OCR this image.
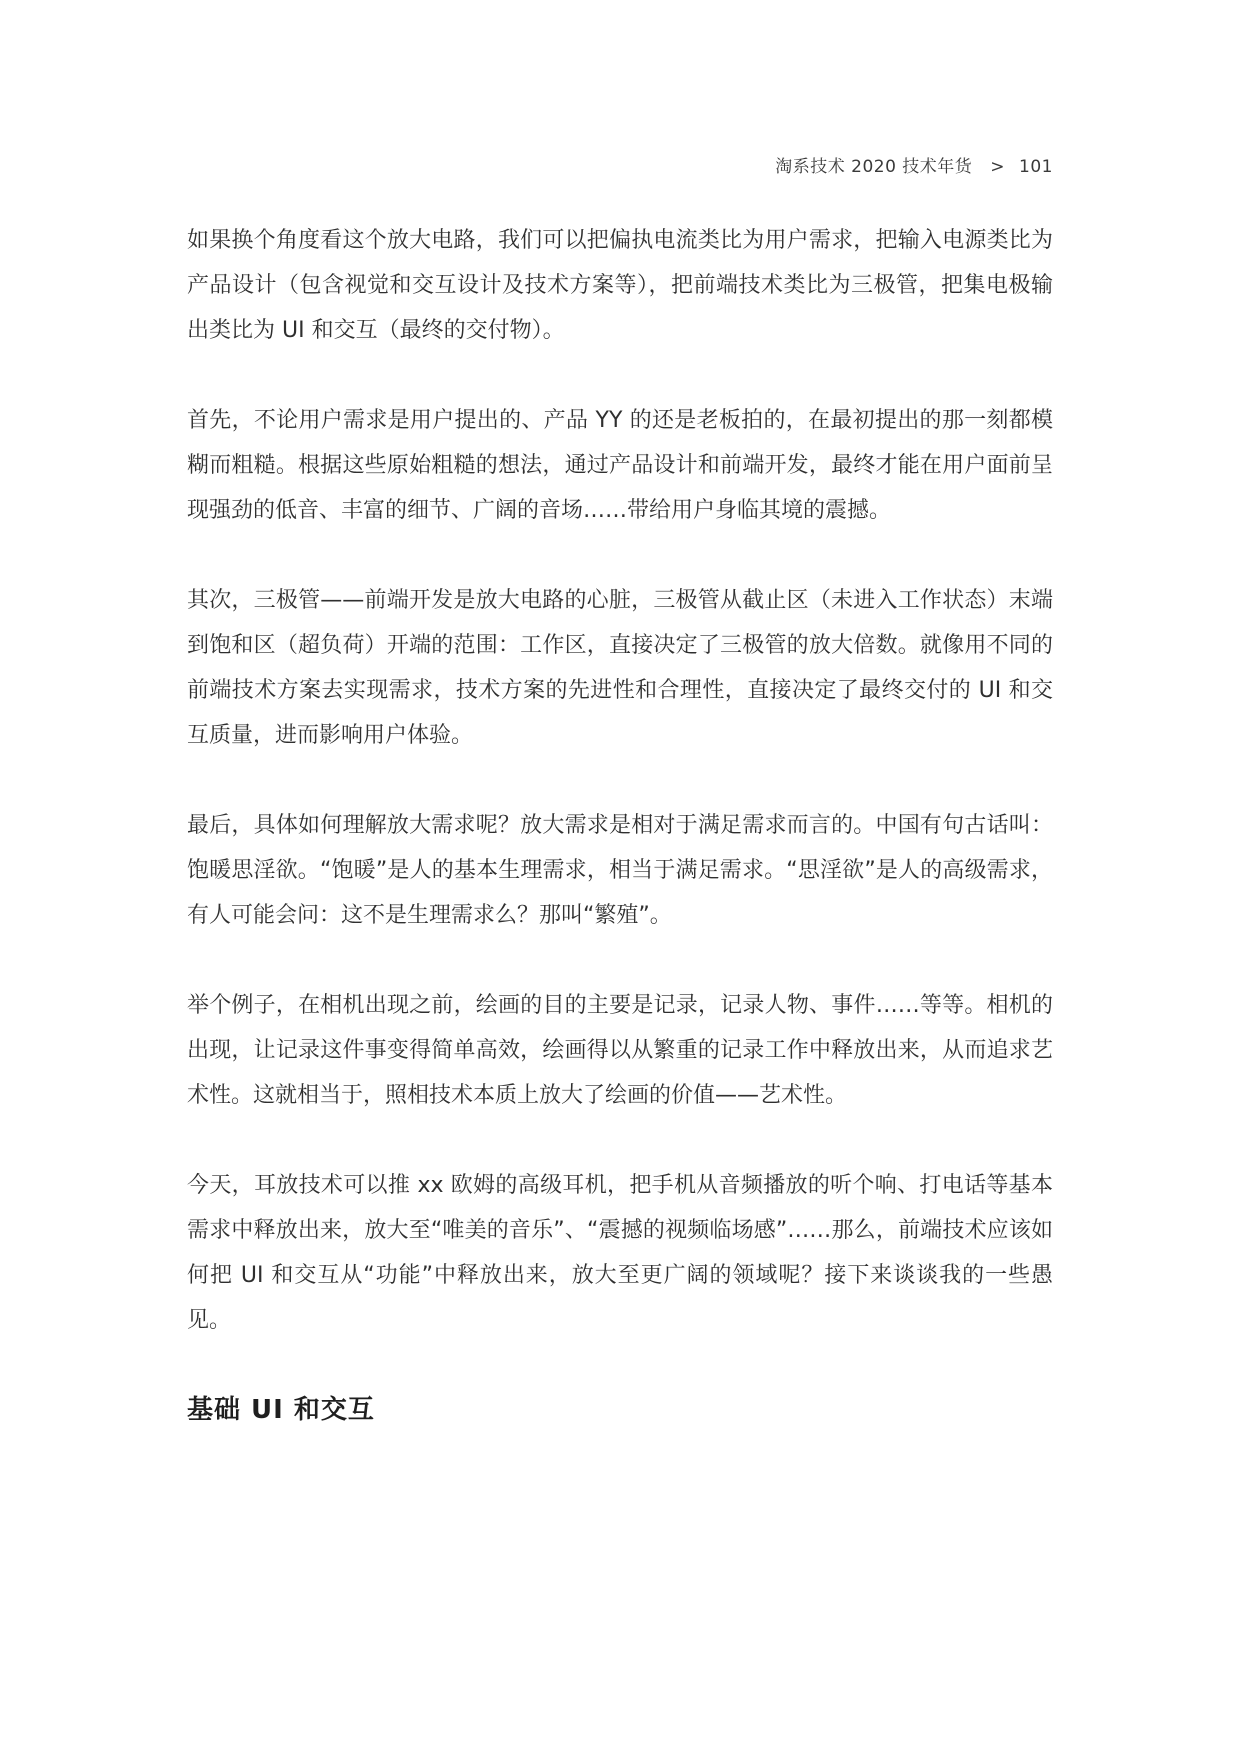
淘系技术 2020 技术年货 > 101

如果换个角度看这个放大电路，我们可以把偏执电流类比为用户需求，把输入电源类比为产品设计（包含视觉和交互设计及技术方案等），把前端技术类比为三极管，把集电极输出类比为 UI 和交互（最终的交付物）。

首先，不论用户需求是用户提出的、产品 YY 的还是老板拍的，在最初提出的那一刻都模糊而粗糙。根据这些原始粗糙的想法，通过产品设计和前端开发，最终才能在用户面前呈现强劲的低音、丰富的细节、广阔的音场……带给用户身临其境的震撼。

其次，三极管——前端开发是放大电路的心脏，三极管从截止区（未进入工作状态）末端到饱和区（超负荷）开端的范围：工作区，直接决定了三极管的放大倍数。就像用不同的前端技术方案去实现需求，技术方案的先进性和合理性，直接决定了最终交付的 UI 和交互质量，进而影响用户体验。

最后，具体如何理解放大需求呢？放大需求是相对于满足需求而言的。中国有句古话叫：饱暖思淫欲。“饱暖”是人的基本生理需求，相当于满足需求。“思淫欲”是人的高级需求，有人可能会问：这不是生理需求么？那叫“繁殖”。

举个例子，在相机出现之前，绘画的目的主要是记录，记录人物、事件……等等。相机的出现，让记录这件事变得简单高效，绘画得以从繁重的记录工作中释放出来，从而追求艺术性。这就相当于，照相技术本质上放大了绘画的价值——艺术性。

今天，耳放技术可以推 xx 欧姆的高级耳机，把手机从音频播放的听个响、打电话等基本需求中释放出来，放大至“唯美的音乐”、“震撼的视频临场感”……那么，前端技术应该如何把 UI 和交互从“功能”中释放出来，放大至更广阔的领域呢？接下来谈谈我的一些愚见。

基础 UI 和交互
